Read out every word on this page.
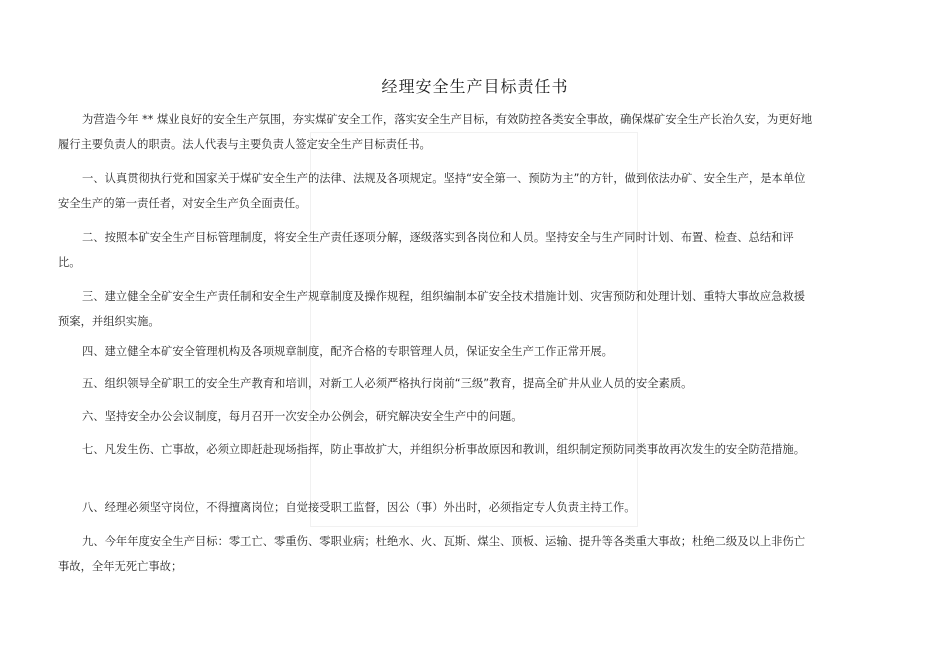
经理安全生产目标责任书

为营造今年 ** 煤业良好的安全生产氛围，夯实煤矿安全工作，落实安全生产目标，有效防控各类安全事故，确保煤矿安全生产长治久安，为更好地履行主要负责人的职责。法人代表与主要负责人签定安全生产目标责任书。

一、认真贯彻执行党和国家关于煤矿安全生产的法律、法规及各项规定。坚持“安全第一、预防为主”的方针，做到依法办矿、安全生产，是本单位安全生产的第一责任者，对安全生产负全面责任。

二、按照本矿安全生产目标管理制度，将安全生产责任逐项分解，逐级落实到各岗位和人员。坚持安全与生产同时计划、布置、检查、总结和评比。

三、建立健全全矿安全生产责任制和安全生产规章制度及操作规程，组织编制本矿安全技术措施计划、灾害预防和处理计划、重特大事故应急救援预案，并组织实施。

四、建立健全本矿安全管理机构及各项规章制度，配齐合格的专职管理人员，保证安全生产工作正常开展。

五、组织领导全矿职工的安全生产教育和培训，对新工人必须严格执行岗前“三级”教育，提高全矿井从业人员的安全素质。

六、坚持安全办公会议制度，每月召开一次安全办公例会，研究解决安全生产中的问题。

七、凡发生伤、亡事故，必须立即赶赴现场指挥，防止事故扩大，并组织分析事故原因和教训，组织制定预防同类事故再次发生的安全防范措施。

八、经理必须坚守岗位，不得擅离岗位；自觉接受职工监督，因公（事）外出时，必须指定专人负责主持工作。

九、今年年度安全生产目标：零工亡、零重伤、零职业病；杜绝水、火、瓦斯、煤尘、顶板、运输、提升等各类重大事故；杜绝二级及以上非伤亡事故，全年无死亡事故；
